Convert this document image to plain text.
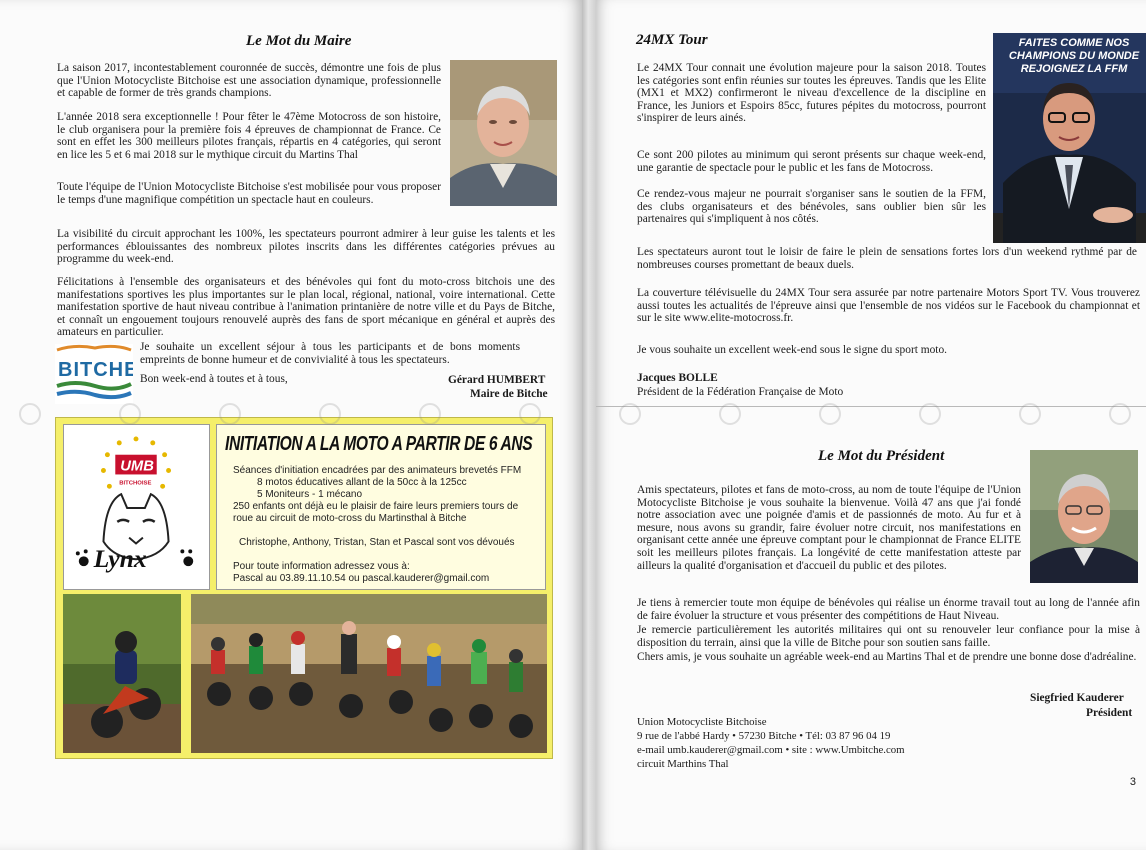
Le Mot du Maire
La saison 2017, incontestablement couronnée de succès, démontre une fois de plus que l'Union Motocycliste Bitchoise est une association dynamique, professionnelle et capable de former de très grands champions.
L'année 2018 sera exceptionnelle ! Pour fêter le 47ème Motocross de son histoire, le club organisera pour la première fois 4 épreuves de championnat de France. Ce sont en effet les 300 meilleurs pilotes français, répartis en 4 catégories, qui seront en lice les 5 et 6 mai 2018 sur le mythique circuit du Martins Thal
Toute l'équipe de l'Union Motocycliste Bitchoise s'est mobilisée pour vous proposer le temps d'une magnifique compétition un spectacle haut en couleurs.
La visibilité du circuit approchant les 100%, les spectateurs pourront admirer à leur guise les talents et les performances éblouissantes des nombreux pilotes inscrits dans les différentes catégories prévues au programme du week-end.
Félicitations à l'ensemble des organisateurs et des bénévoles qui font du moto-cross bitchois une des manifestations sportives les plus importantes sur le plan local, régional, national, voire international. Cette manifestation sportive de haut niveau contribue à l'animation printanière de notre ville et du Pays de Bitche, et connaît un engouement toujours renouvelé auprès des fans de sport mécanique en général et auprès des amateurs en particulier.
Je souhaite un excellent séjour à tous les participants et de bons moments empreints de bonne humeur et de convivialité à tous les spectateurs.
Bon week-end à toutes et à tous,	Gérard HUMBERT
Maire de Bitche
BITCHE
UMB
BITCHOISE
Lynx
INITIATION A LA MOTO A PARTIR DE 6 ANS
Séances d'initiation encadrées par des animateurs brevetés FFM
8 motos éducatives allant de la 50cc à la 125cc
5 Moniteurs - 1 mécano
250 enfants ont déjà eu le plaisir de faire leurs premiers tours de
roue au circuit de moto-cross du Martinsthal à Bitche
Christophe, Anthony, Tristan, Stan et Pascal sont vos dévoués
Pour toute information adressez vous à:
Pascal au 03.89.11.10.54 ou pascal.kauderer@gmail.com
24MX Tour
Le 24MX Tour connait une évolution majeure pour la saison 2018. Toutes les catégories sont enfin réunies sur toutes les épreuves. Tandis que les Elite (MX1 et MX2) confirmeront le niveau d'excellence de la discipline en France, les Juniors et Espoirs 85cc, futures pépites du motocross, pourront s'inspirer de leurs ainés.
Ce sont 200 pilotes au minimum qui seront présents sur chaque week-end, une garantie de spectacle pour le public et les fans de Motocross.
Ce rendez-vous majeur ne pourrait s'organiser sans le soutien de la FFM, des clubs organisateurs et des bénévoles, sans oublier bien sûr les partenaires qui s'impliquent à nos côtés.
Les spectateurs auront tout le loisir de faire le plein de sensations fortes lors d'un weekend rythmé par de nombreuses courses promettant de beaux duels.
La couverture télévisuelle du 24MX Tour sera assurée par notre partenaire Motors Sport TV. Vous trouverez aussi toutes les actualités de l'épreuve ainsi que l'ensemble de nos vidéos sur le Facebook du championnat et sur le site www.elite-motocross.fr.
Je vous souhaite un excellent week-end sous le signe du sport moto.
Jacques BOLLE
Président de la Fédération Française de Moto
FAITES COMME NOS CHAMPIONS DU MONDE REJOIGNEZ LA FFM
Le Mot du Président
Amis spectateurs, pilotes et fans de moto-cross, au nom de toute l'équipe de l'Union Motocycliste Bitchoise je vous souhaite la bienvenue. Voilà 47 ans que j'ai fondé notre association avec une poignée d'amis et de passionnés de moto. Au fur et à mesure, nous avons su grandir, faire évoluer notre circuit, nos manifestations en organisant cette année une épreuve comptant pour le championnat de France ELITE soit les meilleurs pilotes français. La longévité de cette manifestation atteste par ailleurs la qualité d'organisation et d'accueil du public et des pilotes.
Je tiens à remercier toute mon équipe de bénévoles qui réalise un énorme travail tout au long de l'année afin de faire évoluer la structure et vous présenter des compétitions de Haut Niveau.
Je remercie particulièrement les autorités militaires qui ont su renouveler leur confiance pour la mise à disposition du terrain, ainsi que la ville de Bitche pour son soutien sans faille.
Chers amis, je vous souhaite un agréable week-end au Martins Thal et de prendre une bonne dose d'adréaline.
Siegfried Kauderer
Président
Union Motocycliste Bitchoise
9 rue de l'abbé Hardy • 57230 Bitche • Tél: 03 87 96 04 19
e-mail umb.kauderer@gmail.com • site : www.Umbitche.com
circuit Marthins Thal
3
